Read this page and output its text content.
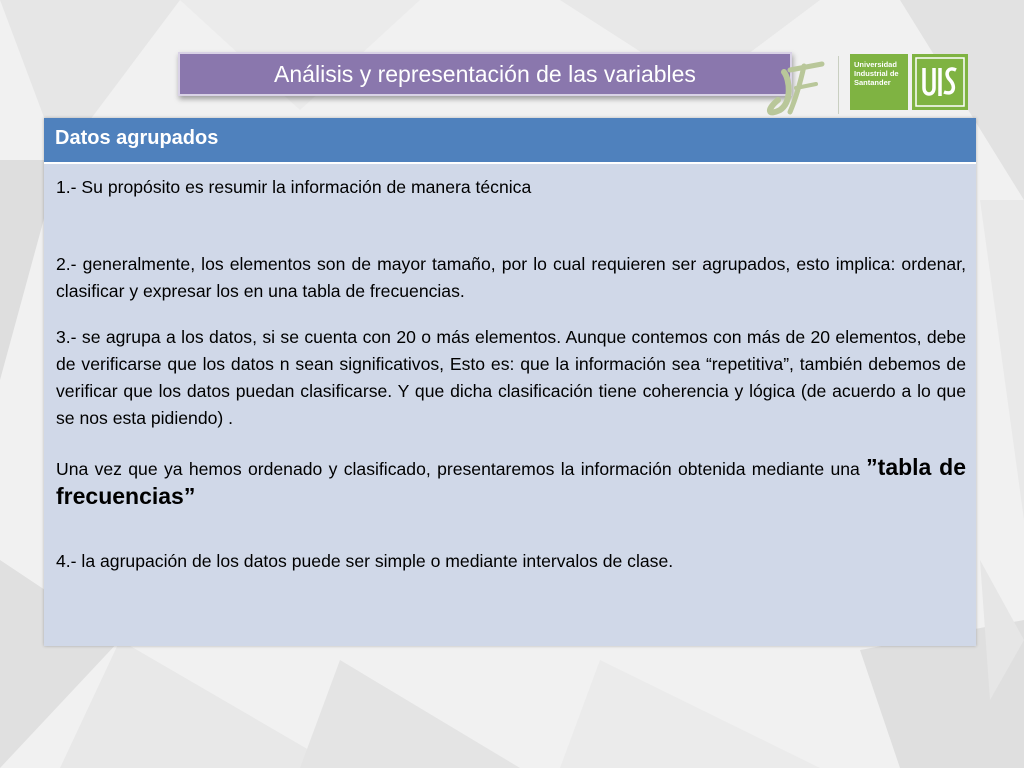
Análisis y representación de las variables	Universidad
Industrial de
Santander
Datos agrupados

1.- Su propósito es resumir la información de manera técnica

2.- generalmente, los elementos son de mayor tamaño, por lo cual requieren ser agrupados, esto implica: ordenar, clasificar y expresar los en una tabla de frecuencias.

3.- se agrupa a los datos, si se cuenta con 20 o más elementos. Aunque contemos con más de 20 elementos, debe de verificarse que los datos n sean significativos, Esto es: que la información sea “repetitiva”, también debemos de verificar que los datos puedan clasificarse. Y que dicha clasificación tiene coherencia y lógica (de acuerdo a lo que se nos esta pidiendo) .

Una vez que ya hemos ordenado y clasificado, presentaremos la información obtenida mediante una ”tabla de frecuencias”

4.- la agrupación de los datos puede ser simple o mediante intervalos de clase.
